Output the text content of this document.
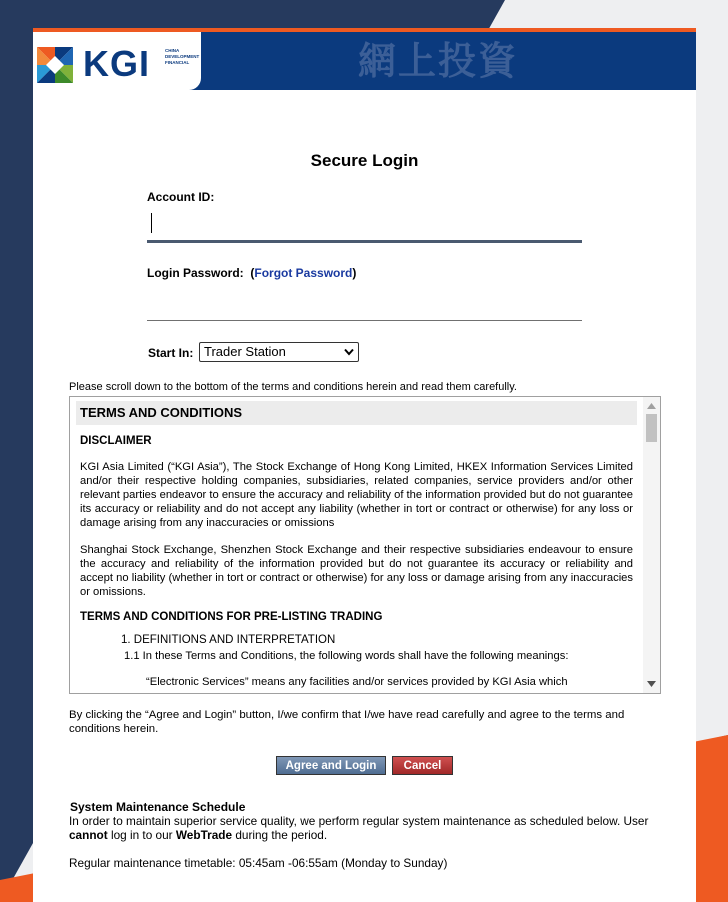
KGI	CHINA DEVELOPMENT FINANCIAL	網上投資
Secure Login
Account ID:
Login Password: (Forgot Password)
Start In: Trader Station
Please scroll down to the bottom of the terms and conditions herein and read them carefully.
TERMS AND CONDITIONS
DISCLAIMER
KGI Asia Limited (“KGI Asia”), The Stock Exchange of Hong Kong Limited, HKEX Information Services Limited and/or their respective holding companies, subsidiaries, related companies, service providers and/or other relevant parties endeavor to ensure the accuracy and reliability of the information provided but do not guarantee its accuracy or reliability and do not accept any liability (whether in tort or contract or otherwise) for any loss or damage arising from any inaccuracies or omissions
Shanghai Stock Exchange, Shenzhen Stock Exchange and their respective subsidiaries endeavour to ensure the accuracy and reliability of the information provided but do not guarantee its accuracy or reliability and accept no liability (whether in tort or contract or otherwise) for any loss or damage arising from any inaccuracies or omissions.
TERMS AND CONDITIONS FOR PRE-LISTING TRADING
1. DEFINITIONS AND INTERPRETATION
1.1 In these Terms and Conditions, the following words shall have the following meanings:
“Electronic Services” means any facilities and/or services provided by KGI Asia which
By clicking the “Agree and Login” button, I/we confirm that I/we have read carefully and agree to the terms and conditions herein.
Agree and Login	Cancel
System Maintenance Schedule
In order to maintain superior service quality, we perform regular system maintenance as scheduled below. User cannot log in to our WebTrade during the period.
Regular maintenance timetable: 05:45am -06:55am (Monday to Sunday)
